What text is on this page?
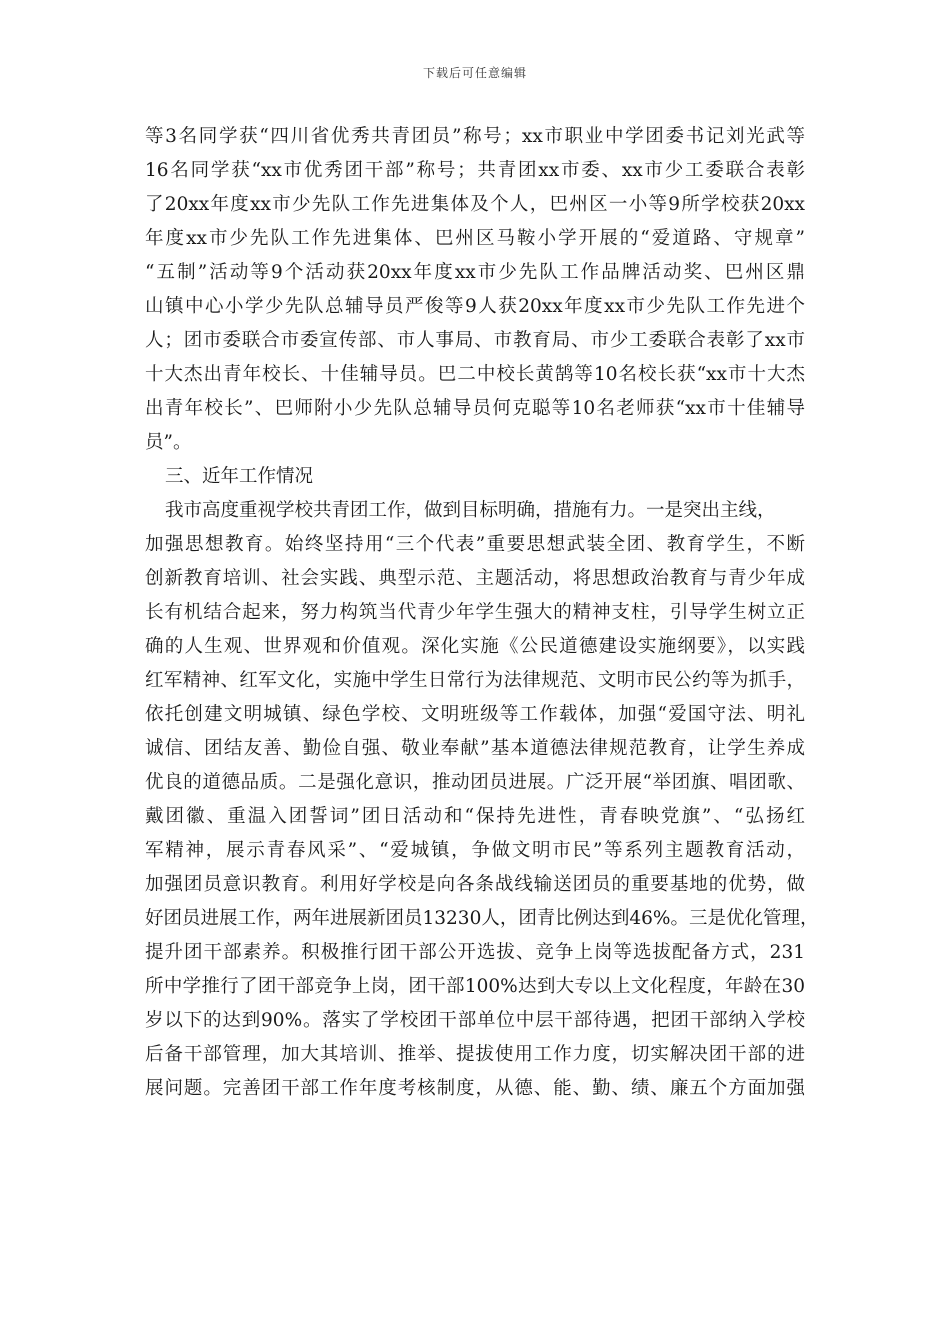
下载后可任意编辑
等3名同学获“四川省优秀共青团员”称号；xx市职业中学团委书记刘光武等
16名同学获“xx市优秀团干部”称号；共青团xx市委、xx市少工委联合表彰
了20xx年度xx市少先队工作先进集体及个人，巴州区一小等9所学校获20xx
年度xx市少先队工作先进集体、巴州区马鞍小学开展的“爱道路、守规章”
“五制”活动等9个活动获20xx年度xx市少先队工作品牌活动奖、巴州区鼎
山镇中心小学少先队总辅导员严俊等9人获20xx年度xx市少先队工作先进个
人；团市委联合市委宣传部、市人事局、市教育局、市少工委联合表彰了xx市
十大杰出青年校长、十佳辅导员。巴二中校长黄鹄等10名校长获“xx市十大杰
出青年校长”、巴师附小少先队总辅导员何克聪等10名老师获“xx市十佳辅导
员”。
三、近年工作情况
我市高度重视学校共青团工作，做到目标明确，措施有力。一是突出主线，
加强思想教育。始终坚持用“三个代表”重要思想武装全团、教育学生，不断
创新教育培训、社会实践、典型示范、主题活动，将思想政治教育与青少年成
长有机结合起来，努力构筑当代青少年学生强大的精神支柱，引导学生树立正
确的人生观、世界观和价值观。深化实施《公民道德建设实施纲要》，以实践
红军精神、红军文化，实施中学生日常行为法律规范、文明市民公约等为抓手，
依托创建文明城镇、绿色学校、文明班级等工作载体，加强“爱国守法、明礼
诚信、团结友善、勤俭自强、敬业奉献”基本道德法律规范教育，让学生养成
优良的道德品质。二是强化意识，推动团员进展。广泛开展“举团旗、唱团歌、
戴团徽、重温入团誓词”团日活动和“保持先进性，青春映党旗”、“弘扬红
军精神，展示青春风采”、“爱城镇，争做文明市民”等系列主题教育活动，
加强团员意识教育。利用好学校是向各条战线输送团员的重要基地的优势，做
好团员进展工作，两年进展新团员13230人，团青比例达到46%。三是优化管理，
提升团干部素养。积极推行团干部公开选拔、竞争上岗等选拔配备方式，231
所中学推行了团干部竞争上岗，团干部100%达到大专以上文化程度，年龄在30
岁以下的达到90%。落实了学校团干部单位中层干部待遇，把团干部纳入学校
后备干部管理，加大其培训、推举、提拔使用工作力度，切实解决团干部的进
展问题。完善团干部工作年度考核制度，从德、能、勤、绩、廉五个方面加强
